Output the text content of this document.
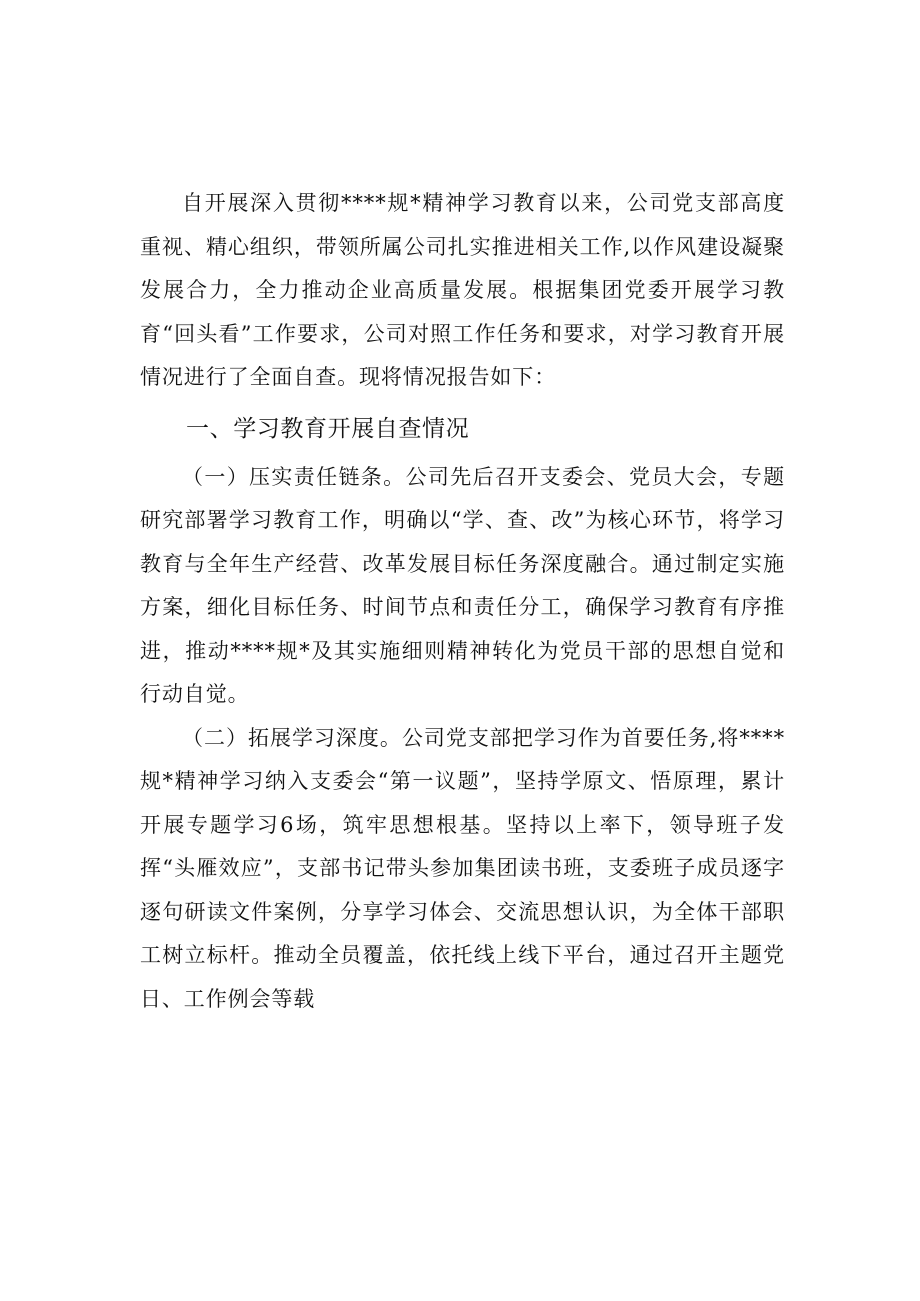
自开展深入贯彻****规*精神学习教育以来，公司党支部高度重视、精心组织，带领所属公司扎实推进相关工作,以作风建设凝聚发展合力，全力推动企业高质量发展。根据集团党委开展学习教育“回头看”工作要求，公司对照工作任务和要求，对学习教育开展情况进行了全面自查。现将情况报告如下：

一、学习教育开展自查情况

（一）压实责任链条。公司先后召开支委会、党员大会，专题研究部署学习教育工作，明确以“学、查、改”为核心环节，将学习教育与全年生产经营、改革发展目标任务深度融合。通过制定实施方案，细化目标任务、时间节点和责任分工，确保学习教育有序推进，推动****规*及其实施细则精神转化为党员干部的思想自觉和行动自觉。

（二）拓展学习深度。公司党支部把学习作为首要任务,将****规*精神学习纳入支委会“第一议题”，坚持学原文、悟原理，累计开展专题学习6场，筑牢思想根基。坚持以上率下，领导班子发挥“头雁效应”，支部书记带头参加集团读书班，支委班子成员逐字逐句研读文件案例，分享学习体会、交流思想认识，为全体干部职工树立标杆。推动全员覆盖，依托线上线下平台，通过召开主题党日、工作例会等载
